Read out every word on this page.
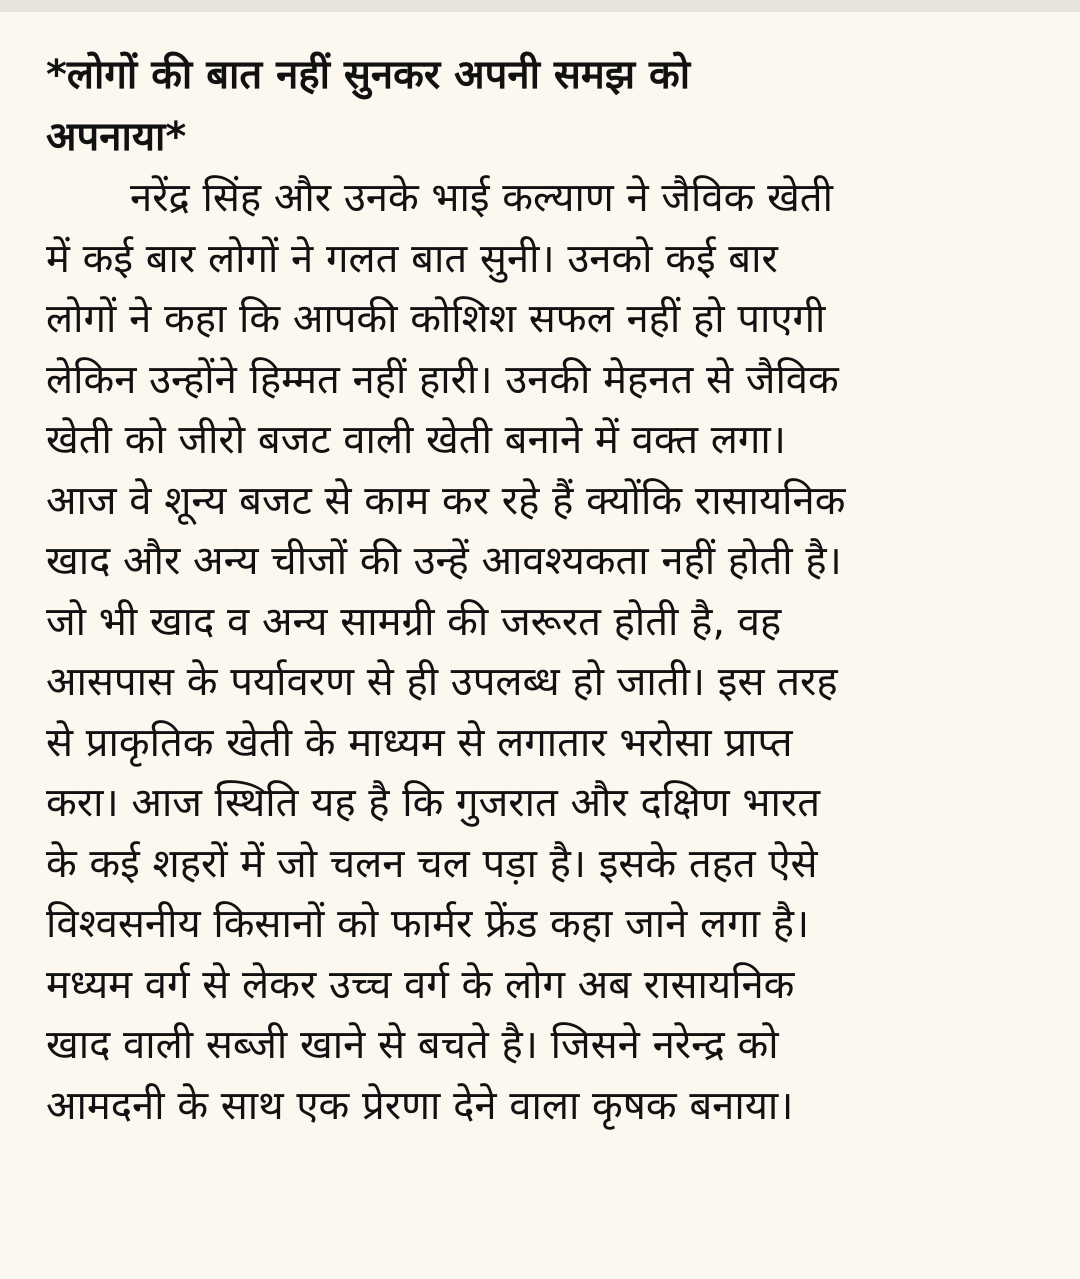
*लोगों की बात नहीं सुनकर अपनी समझ को
अपनाया*

नरेंद्र सिंह और उनके भाई कल्याण ने जैविक खेती
में कई बार लोगों ने गलत बात सुनी। उनको कई बार
लोगों ने कहा कि आपकी कोशिश सफल नहीं हो पाएगी
लेकिन उन्होंने हिम्मत नहीं हारी। उनकी मेहनत से जैविक
खेती को जीरो बजट वाली खेती बनाने में वक्त लगा।
आज वे शून्य बजट से काम कर रहे हैं क्योंकि रासायनिक
खाद और अन्य चीजों की उन्हें आवश्यकता नहीं होती है।
जो भी खाद व अन्य सामग्री की जरूरत होती है, वह
आसपास के पर्यावरण से ही उपलब्ध हो जाती। इस तरह
से प्राकृतिक खेती के माध्यम से लगातार भरोसा प्राप्त
करा। आज स्थिति यह है कि गुजरात और दक्षिण भारत
के कई शहरों में जो चलन चल पड़ा है। इसके तहत ऐसे
विश्वसनीय किसानों को फार्मर फ्रेंड कहा जाने लगा है।
मध्यम वर्ग से लेकर उच्च वर्ग के लोग अब रासायनिक
खाद वाली सब्जी खाने से बचते है। जिसने नरेन्द्र को
आमदनी के साथ एक प्रेरणा देने वाला कृषक बनाया।
